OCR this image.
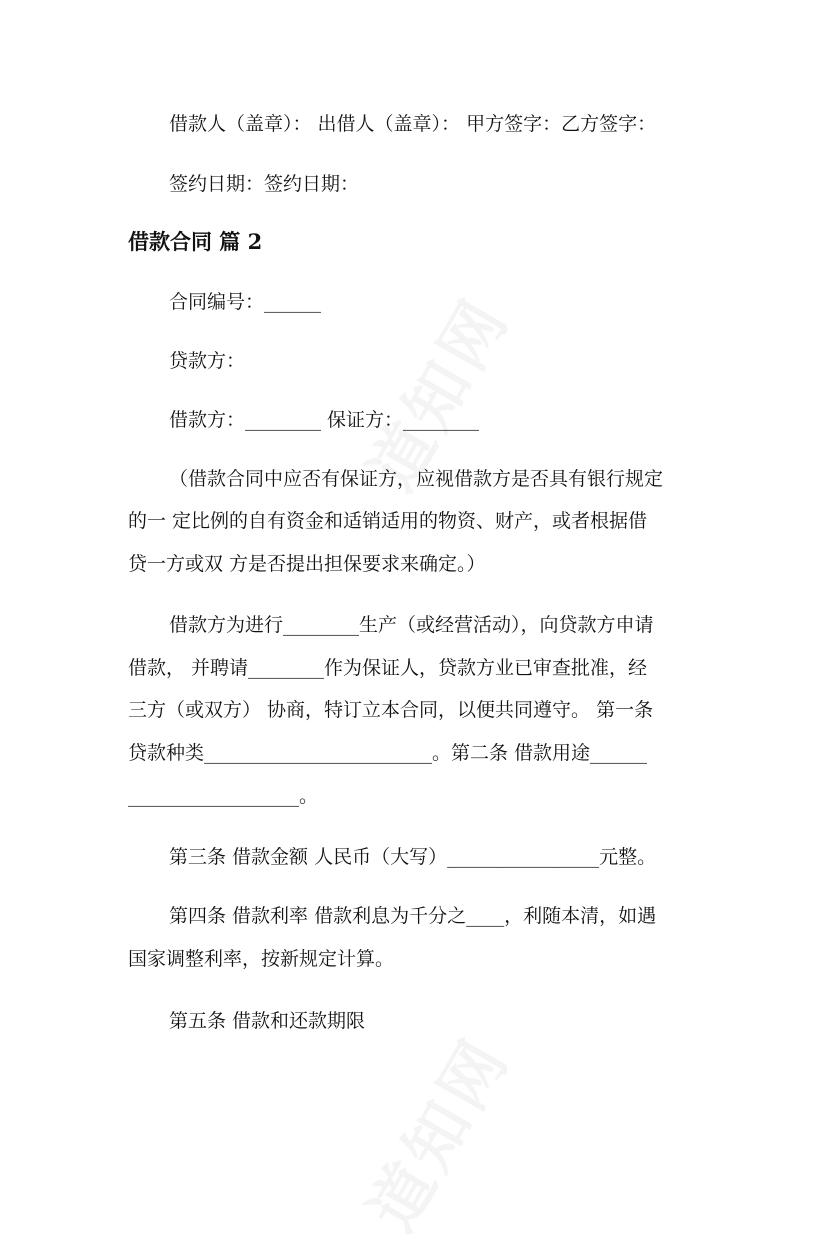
借款人（盖章）： 出借人（盖章）： 甲方签字：乙方签字：
签约日期：签约日期：
借款合同 篇 2
合同编号：______
贷款方：
借款方：________ 保证方：________
（借款合同中应否有保证方，应视借款方是否具有银行规定
的一 定比例的自有资金和适销适用的物资、财产，或者根据借
贷一方或双 方是否提出担保要求来确定。）
借款方为进行________生产（或经营活动），向贷款方申请
借款， 并聘请________作为保证人，贷款方业已审查批准，经
三方（或双方） 协商，特订立本合同，以便共同遵守。 第一条
贷款种类________________________。第二条 借款用途______
__________________。
第三条 借款金额 人民币（大写）________________元整。
第四条 借款利率 借款利息为千分之____，利随本清，如遇
国家调整利率，按新规定计算。
第五条 借款和还款期限
